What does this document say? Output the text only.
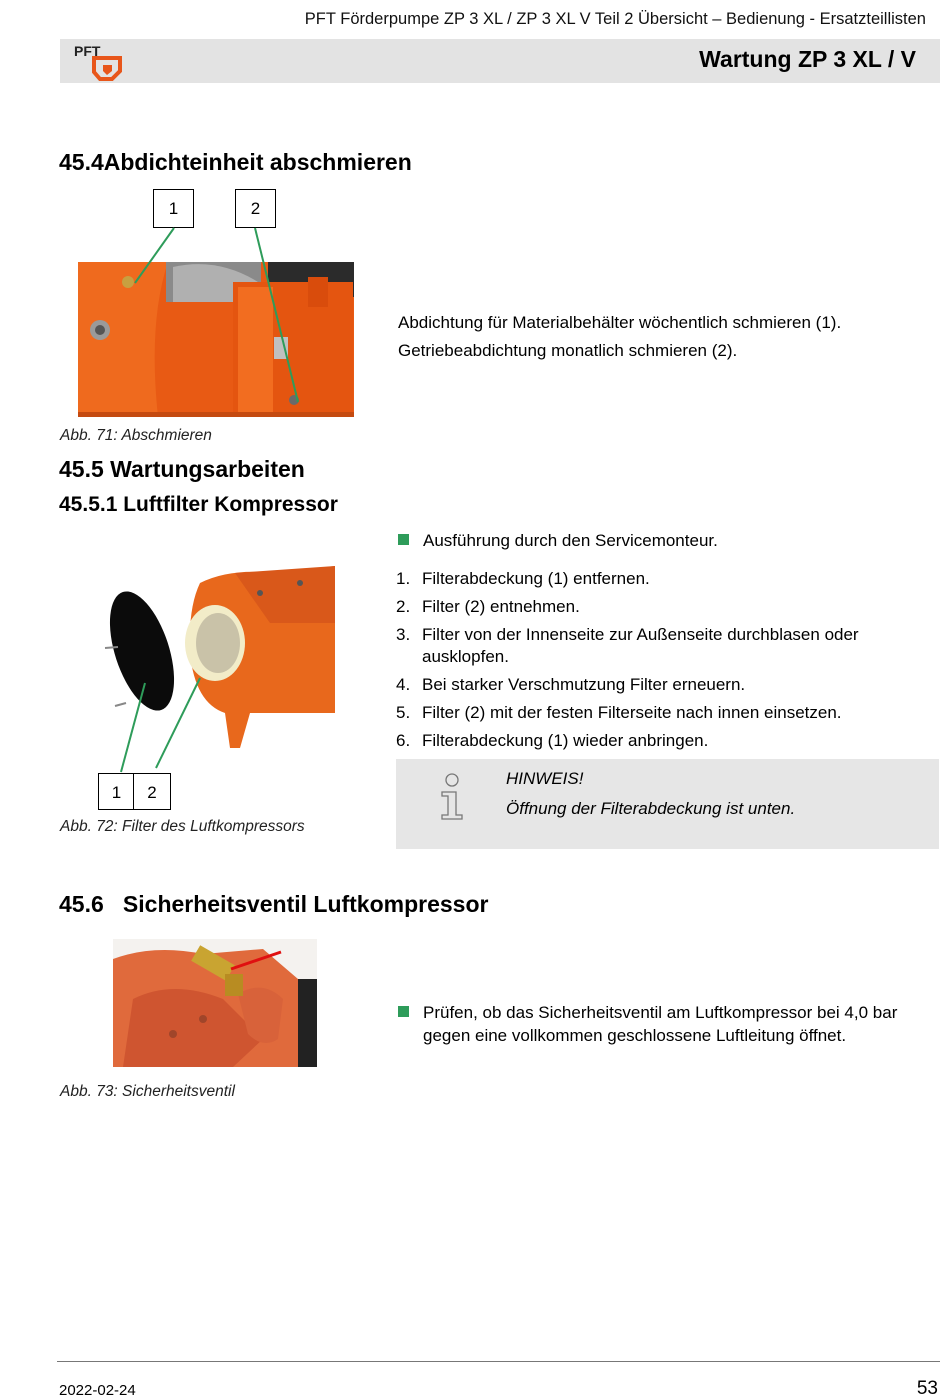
PFT Förderpumpe ZP 3 XL / ZP 3 XL V Teil 2 Übersicht – Bedienung - Ersatzteillisten
PFT	Wartung ZP 3 XL / V
45.4Abdichteinheit abschmieren
1	2
Abdichtung für Materialbehälter wöchentlich schmieren (1).
Getriebeabdichtung monatlich schmieren (2).
Abb. 71: Abschmieren
45.5 Wartungsarbeiten
45.5.1 Luftfilter Kompressor
Ausführung durch den Servicemonteur.
1. Filterabdeckung (1) entfernen.
2. Filter (2) entnehmen.
3. Filter von der Innenseite zur Außenseite durchblasen oder ausklopfen.
4. Bei starker Verschmutzung Filter erneuern.
5. Filter (2) mit der festen Filterseite nach innen einsetzen.
6. Filterabdeckung (1) wieder anbringen.
1	2
Abb. 72: Filter des Luftkompressors
HINWEIS!
Öffnung der Filterabdeckung ist unten.
45.6   Sicherheitsventil Luftkompressor
Prüfen, ob das Sicherheitsventil am Luftkompressor bei 4,0 bar gegen eine vollkommen geschlossene Luftleitung öffnet.
Abb. 73: Sicherheitsventil
2022-02-24	53
